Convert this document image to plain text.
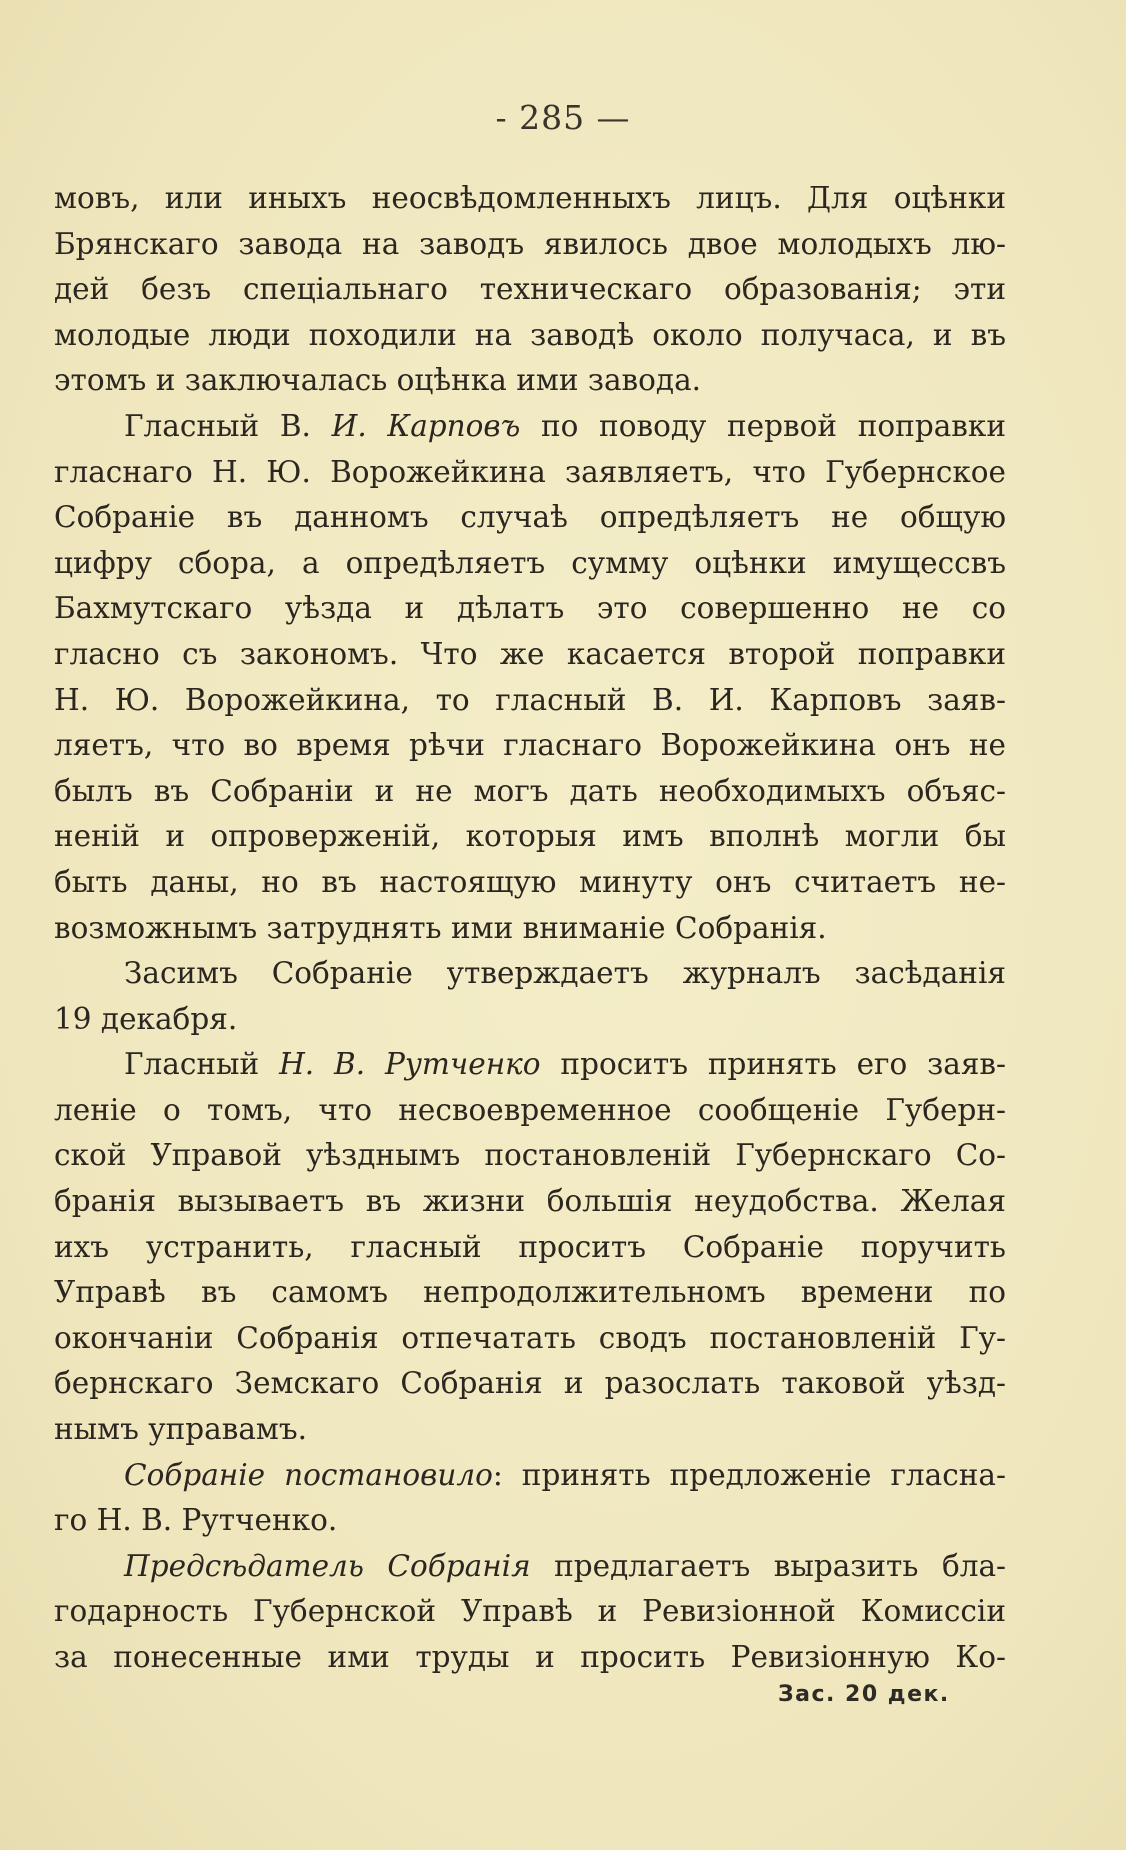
- 285 —
мовъ, или иныхъ неосвѣдомленныхъ лицъ. Для оцѣнки
Брянскаго завода на заводъ явилось двое молодыхъ лю-
дей безъ спеціальнаго техническаго образованія; эти
молодые люди походили на заводѣ около получаса, и въ
этомъ и заключалась оцѣнка ими завода.
Гласный В. И. Карповъ по поводу первой поправки
гласнаго Н. Ю. Ворожейкина заявляетъ, что Губернское
Собраніе въ данномъ случаѣ опредѣляетъ не общую
цифру сбора, а опредѣляетъ сумму оцѣнки имущессвъ
Бахмутскаго уѣзда и дѣлатъ это совершенно не со
гласно съ закономъ. Что же касается второй поправки
Н. Ю. Ворожейкина, то гласный В. И. Карповъ заяв-
ляетъ, что во время рѣчи гласнаго Ворожейкина онъ не
былъ въ Собраніи и не могъ дать необходимыхъ объяс-
неній и опроверженій, которыя имъ вполнѣ могли бы
быть даны, но въ настоящую минуту онъ считаетъ не-
возможнымъ затруднять ими вниманіе Собранія.
Засимъ Собраніе утверждаетъ журналъ засѣданія
19 декабря.
Гласный Н. В. Рутченко проситъ принять его заяв-
леніе о томъ, что несвоевременное сообщеніе Губерн-
ской Управой уѣзднымъ постановленій Губернскаго Со-
бранія вызываетъ въ жизни большія неудобства. Желая
ихъ устранить, гласный проситъ Собраніе поручить
Управѣ въ самомъ непродолжительномъ времени по
окончаніи Собранія отпечатать сводъ постановленій Гу-
бернскаго Земскаго Собранія и разослать таковой уѣзд-
нымъ управамъ.
Собраніе постановило: принять предложеніе гласна-
го Н. В. Рутченко.
Предсѣдатель Собранія предлагаетъ выразить бла-
годарность Губернской Управѣ и Ревизіонной Комиссіи
за понесенные ими труды и просить Ревизіонную Ко-
Зас. 20 дек.
